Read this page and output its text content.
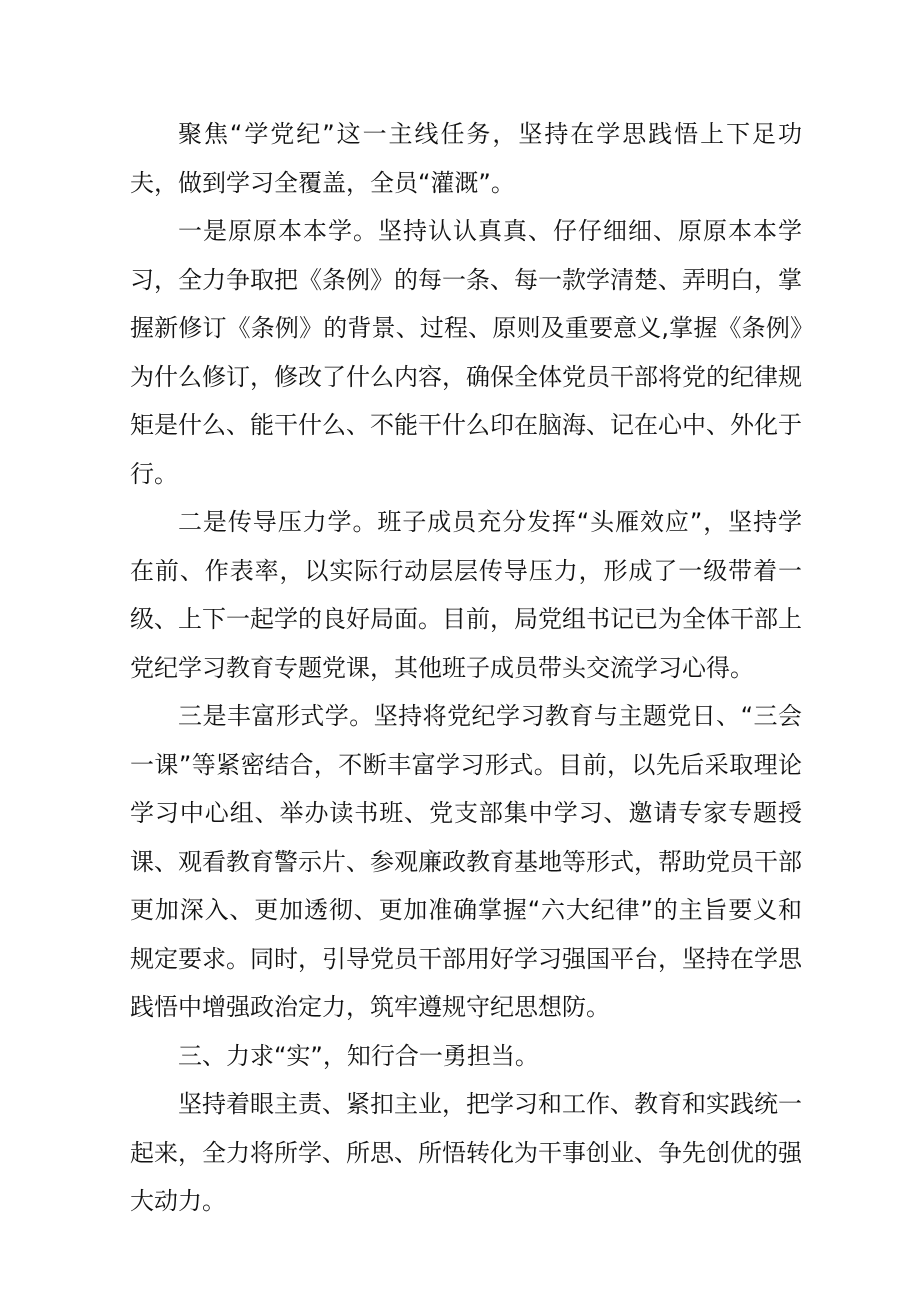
聚焦“学党纪”这一主线任务，坚持在学思践悟上下足功夫，做到学习全覆盖，全员“灌溉”。

一是原原本本学。坚持认认真真、仔仔细细、原原本本学习，全力争取把《条例》的每一条、每一款学清楚、弄明白，掌握新修订《条例》的背景、过程、原则及重要意义,掌握《条例》为什么修订，修改了什么内容，确保全体党员干部将党的纪律规矩是什么、能干什么、不能干什么印在脑海、记在心中、外化于行。

二是传导压力学。班子成员充分发挥“头雁效应”，坚持学在前、作表率，以实际行动层层传导压力，形成了一级带着一级、上下一起学的良好局面。目前，局党组书记已为全体干部上党纪学习教育专题党课，其他班子成员带头交流学习心得。

三是丰富形式学。坚持将党纪学习教育与主题党日、“三会一课”等紧密结合，不断丰富学习形式。目前，以先后采取理论学习中心组、举办读书班、党支部集中学习、邀请专家专题授课、观看教育警示片、参观廉政教育基地等形式，帮助党员干部更加深入、更加透彻、更加准确掌握“六大纪律”的主旨要义和规定要求。同时，引导党员干部用好学习强国平台，坚持在学思践悟中增强政治定力，筑牢遵规守纪思想防。

三、力求“实”，知行合一勇担当。

坚持着眼主责、紧扣主业，把学习和工作、教育和实践统一起来，全力将所学、所思、所悟转化为干事创业、争先创优的强大动力。
